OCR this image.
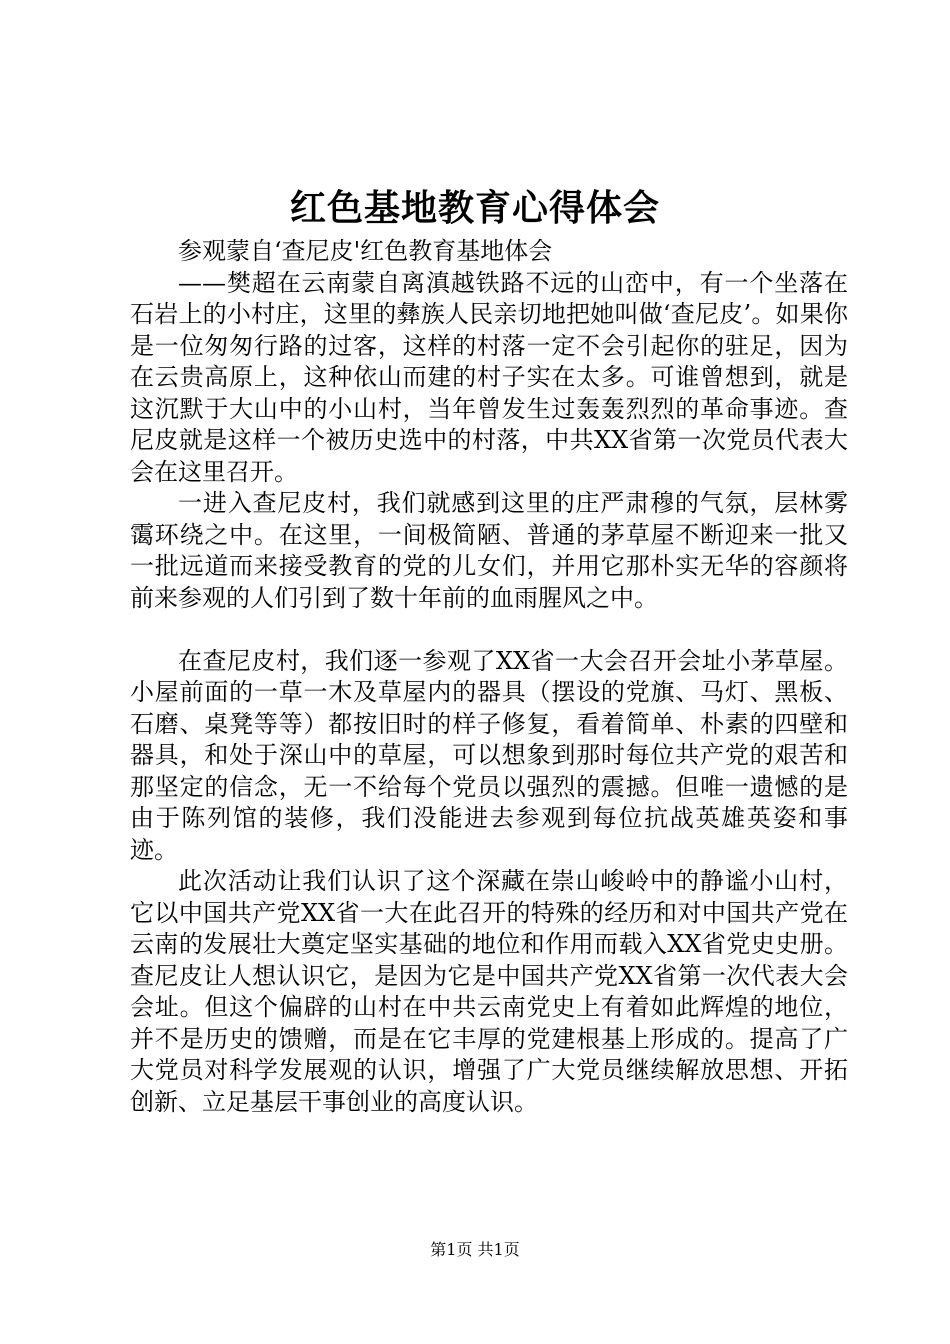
红色基地教育心得体会

参观蒙自‘查尼皮'红色教育基地体会

——樊超在云南蒙自离滇越铁路不远的山峦中，有一个坐落在石岩上的小村庄，这里的彝族人民亲切地把她叫做‘查尼皮’。如果你是一位匆匆行路的过客，这样的村落一定不会引起你的驻足，因为在云贵高原上，这种依山而建的村子实在太多。可谁曾想到，就是这沉默于大山中的小山村，当年曾发生过轰轰烈烈的革命事迹。查尼皮就是这样一个被历史选中的村落，中共XX省第一次党员代表大会在这里召开。

一进入查尼皮村，我们就感到这里的庄严肃穆的气氛，层林雾霭环绕之中。在这里，一间极简陋、普通的茅草屋不断迎来一批又一批远道而来接受教育的党的儿女们，并用它那朴实无华的容颜将前来参观的人们引到了数十年前的血雨腥风之中。

在查尼皮村，我们逐一参观了XX省一大会召开会址小茅草屋。小屋前面的一草一木及草屋内的器具（摆设的党旗、马灯、黑板、石磨、桌凳等等）都按旧时的样子修复，看着简单、朴素的四壁和器具，和处于深山中的草屋，可以想象到那时每位共产党的艰苦和那坚定的信念，无一不给每个党员以强烈的震撼。但唯一遗憾的是由于陈列馆的装修，我们没能进去参观到每位抗战英雄英姿和事迹。

此次活动让我们认识了这个深藏在崇山峻岭中的静谧小山村，它以中国共产党XX省一大在此召开的特殊的经历和对中国共产党在云南的发展壮大奠定坚实基础的地位和作用而载入XX省党史史册。查尼皮让人想认识它，是因为它是中国共产党XX省第一次代表大会会址。但这个偏辟的山村在中共云南党史上有着如此辉煌的地位，并不是历史的馈赠，而是在它丰厚的党建根基上形成的。提高了广大党员对科学发展观的认识，增强了广大党员继续解放思想、开拓创新、立足基层干事创业的高度认识。

第1页 共1页
